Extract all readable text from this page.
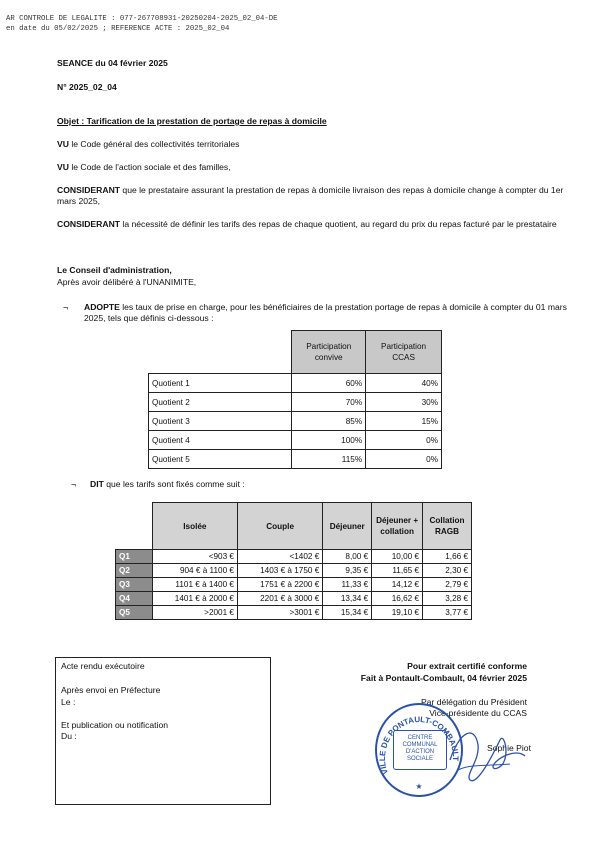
AR CONTROLE DE LEGALITE : 077-267708931-20250204-2025_02_04-DE
en date du 05/02/2025 ; REFERENCE ACTE : 2025_02_04
SEANCE du 04 février 2025
N° 2025_02_04
Objet : Tarification de la prestation de portage de repas à domicile
VU le Code général des collectivités territoriales
VU le Code de l'action sociale et des familles,
CONSIDERANT que le prestataire assurant la prestation de repas à domicile livraison des repas à domicile change à compter du 1er mars 2025,
CONSIDERANT la nécessité de définir les tarifs des repas de chaque quotient, au regard du prix du repas facturé par le prestataire
Le Conseil d'administration,
Après avoir délibéré à l'UNANIMITE,
¬ ADOPTE les taux de prise en charge, pour les bénéficiaires de la prestation portage de repas à domicile à compter du 01 mars 2025, tels que définis ci-dessous :
	Participation convive	Participation CCAS
Quotient 1	60%	40%
Quotient 2	70%	30%
Quotient 3	85%	15%
Quotient 4	100%	0%
Quotient 5	115%	0%
¬ DIT que les tarifs sont fixés comme suit :
	Isolée	Couple	Déjeuner	Déjeuner + collation	Collation RAGB
Q1	<903 €	<1402 €	8,00 €	10,00 €	1,66 €
Q2	904 € à 1100 €	1403 € à 1750 €	9,35 €	11,65 €	2,30 €
Q3	1101 € à 1400 €	1751 € à 2200 €	11,33 €	14,12 €	2,79 €
Q4	1401 € à 2000 €	2201 € à 3000 €	13,34 €	16,62 €	3,28 €
Q5	>2001 €	>3001 €	15,34 €	19,10 €	3,77 €
Acte rendu exécutoire
Après envoi en Préfecture
Le :
Et publication ou notification
Du :
Pour extrait certifié conforme
Fait à Pontault-Combault, 04 février 2025
Par délégation du Président
Vice-présidente du CCAS
Sophie Piot
VILLE DE PONTAULT-COMBAULT
★
CENTRE COMMUNAL D'ACTION SOCIALE
